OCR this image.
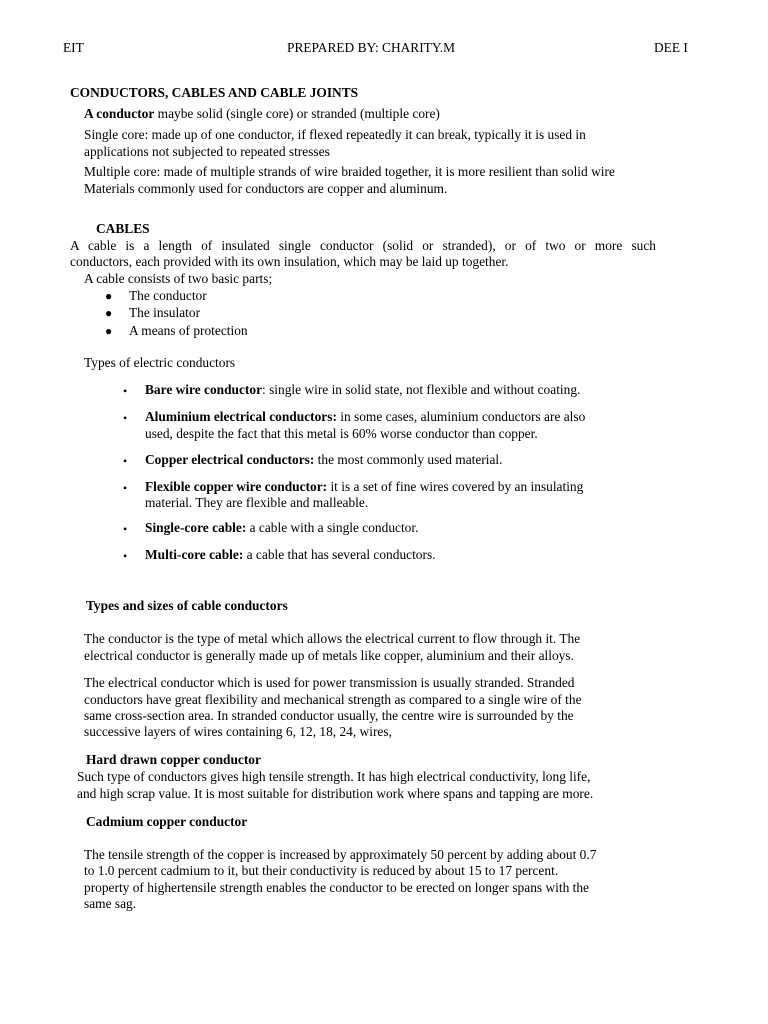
EIT	PREPARED BY: CHARITY.M	DEE I
CONDUCTORS, CABLES AND CABLE JOINTS
A conductor maybe solid (single core) or stranded (multiple core)
Single core: made up of one conductor, if flexed repeatedly it can break, typically it is used in
applications not subjected to repeated stresses
Multiple core: made of multiple strands of wire braided together, it is more resilient than solid wire
Materials commonly used for conductors are copper and aluminum.
CABLES
A cable is a length of insulated single conductor (solid or stranded), or of two or more such
conductors, each provided with its own insulation, which may be laid up together.
A cable consists of two basic parts;
● The conductor
● The insulator
● A means of protection
Types of electric conductors
• Bare wire conductor: single wire in solid state, not flexible and without coating.
• Aluminium electrical conductors: in some cases, aluminium conductors are also
used, despite the fact that this metal is 60% worse conductor than copper.
• Copper electrical conductors: the most commonly used material.
• Flexible copper wire conductor: it is a set of fine wires covered by an insulating
material. They are flexible and malleable.
• Single-core cable: a cable with a single conductor.
• Multi-core cable: a cable that has several conductors.
Types and sizes of cable conductors
The conductor is the type of metal which allows the electrical current to flow through it. The
electrical conductor is generally made up of metals like copper, aluminium and their alloys.
The electrical conductor which is used for power transmission is usually stranded. Stranded
conductors have great flexibility and mechanical strength as compared to a single wire of the
same cross-section area. In stranded conductor usually, the centre wire is surrounded by the
successive layers of wires containing 6, 12, 18, 24, wires,
Hard drawn copper conductor
Such type of conductors gives high tensile strength. It has high electrical conductivity, long life,
and high scrap value. It is most suitable for distribution work where spans and tapping are more.
Cadmium copper conductor
The tensile strength of the copper is increased by approximately 50 percent by adding about 0.7
to 1.0 percent cadmium to it, but their conductivity is reduced by about 15 to 17 percent.
property of highertensile strength enables the conductor to be erected on longer spans with the
same sag.
